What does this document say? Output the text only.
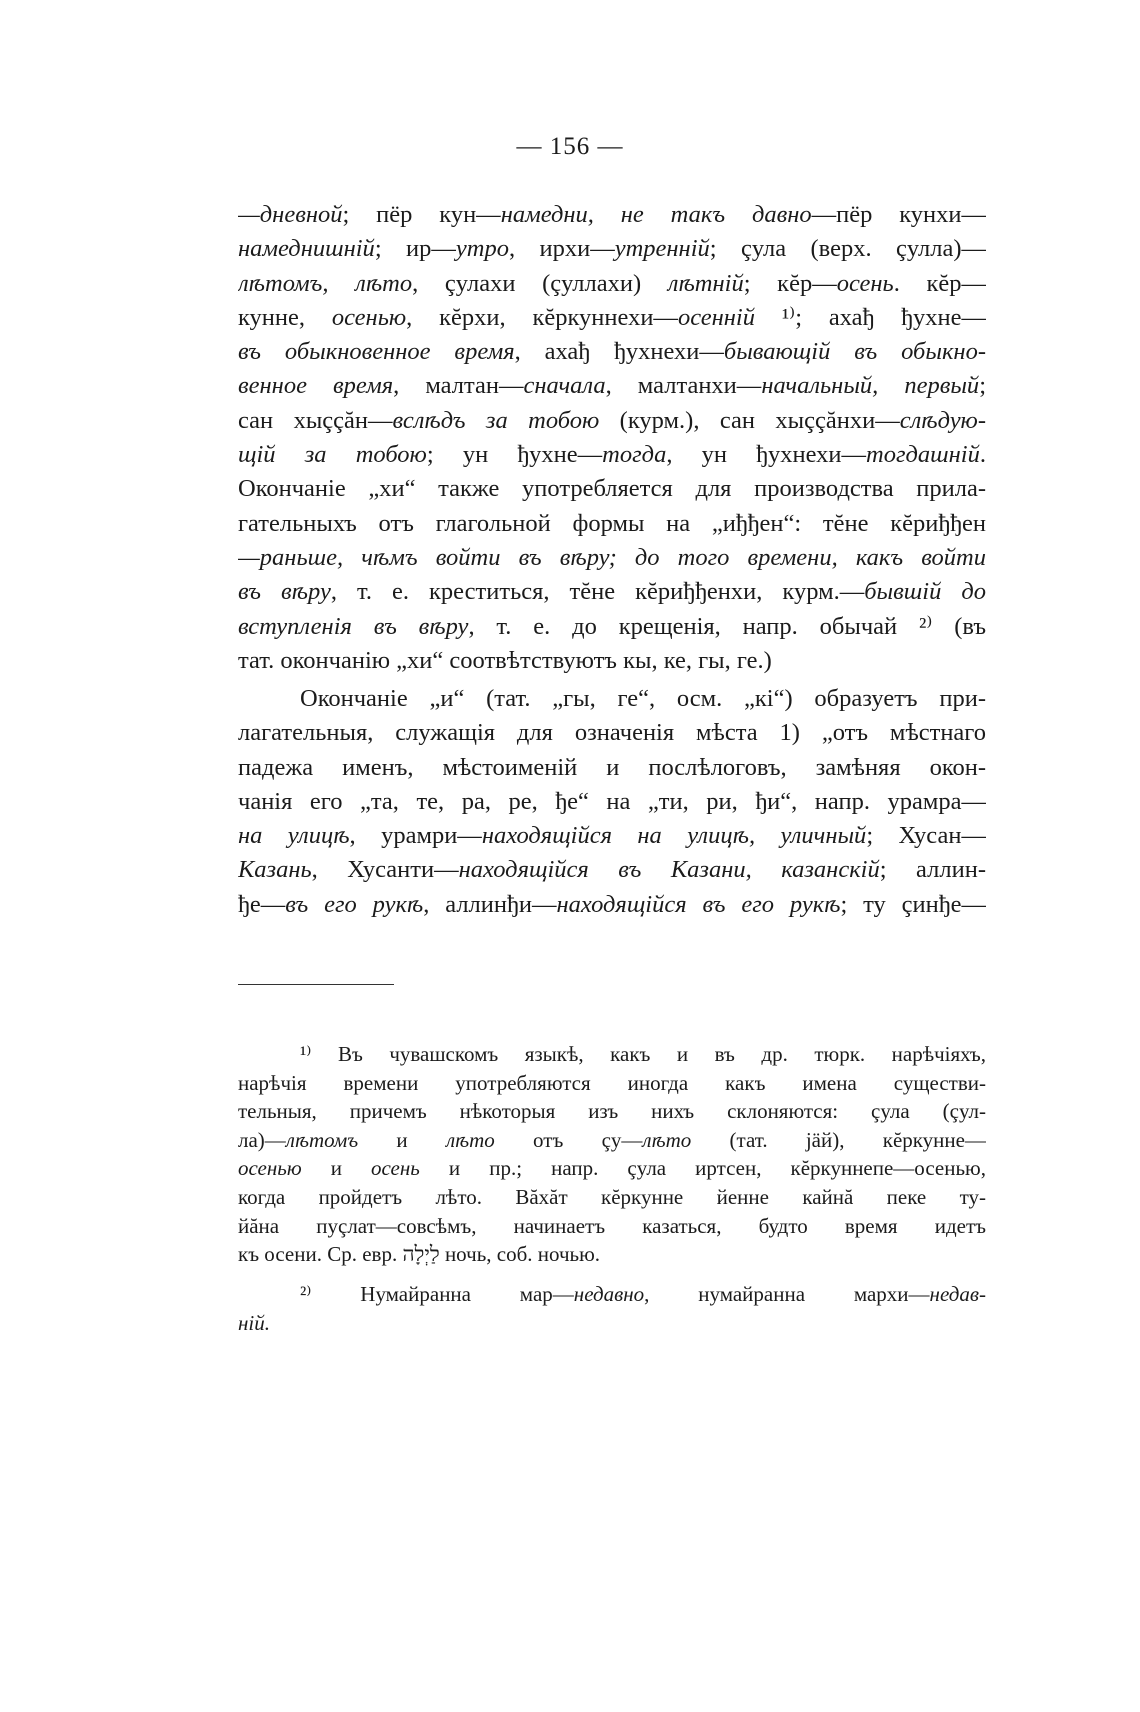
— 156 —
—дневной; пёр кун—намедни, не такъ давно—пёр кунхи—
намеднишній; ир—утро, ирхи—утренній; çула (верх. çулла)—
лѣтомъ, лѣто, çулахи (çуллахи) лѣтній; кĕр—осень. кĕр—
кунне, осенью, кĕрхи, кĕркуннехи—осенній ¹⁾; ахађ ђухне—
въ обыкновенное время, ахађ ђухнехи—бывающій въ обыкно-
венное время, малтан—сначала, малтанхи—начальный, первый;
сан хыççăн—вслѣдъ за тобою (курм.), сан хыççăнхи—слѣдую-
щій за тобою; ун ђухне—тогда, ун ђухнехи—тогдашній.
Окончаніе „хи“ также употребляется для производства прила-
гательныхъ отъ глагольной формы на „иђђен“: тĕне кĕриђђен
—раньше, чѣмъ войти въ вѣру; до того времени, какъ войти
въ вѣру, т. е. креститься, тĕне кĕриђђенхи, курм.—бывшій до
вступленія въ вѣру, т. е. до крещенія, напр. обычай ²⁾ (въ
тат. окончанію „хи“ соотвѣтствуютъ кы, ке, гы, ге.)
Окончаніе „и“ (тат. „гы, ге“, осм. „кі“) образуетъ при-
лагательныя, служащія для означенія мѣста 1) „отъ мѣстнаго
падежа именъ, мѣстоименій и послѣлоговъ, замѣняя окон-
чанія его „та, те, ра, ре, ђе“ на „ти, ри, ђи“, напр. урамра—
на улицѣ, урамри—находящійся на улицѣ, уличный; Хусан—
Казань, Хусанти—находящійся въ Казани, казанскій; аллин-
ђе—въ его рукѣ, аллинђи—находящійся въ его рукѣ; ту çинђе—
¹⁾ Въ чувашскомъ языкѣ, какъ и въ др. тюрк. нарѣчіяхъ,
нарѣчія времени употребляются иногда какъ имена существи-
тельныя, причемъ нѣкоторыя изъ нихъ склоняются: çула (çул-
ла)—лѣтомъ и лѣто отъ çу—лѣто (тат. jäй), кĕркунне—
осенью и осень и пр.; напр. çула иртсен, кĕркуннепе—осенью,
когда пройдетъ лѣто. Вăхăт кĕркунне йенне кайнă пеке ту-
йăна пуçлат—совсѣмъ, начинаетъ казаться, будто время идетъ
къ осени. Ср. евр. לַיְלָה ночь, соб. ночью.
²⁾ Нумайранна мар—недавно, нумайранна мархи—недав-
ній.
